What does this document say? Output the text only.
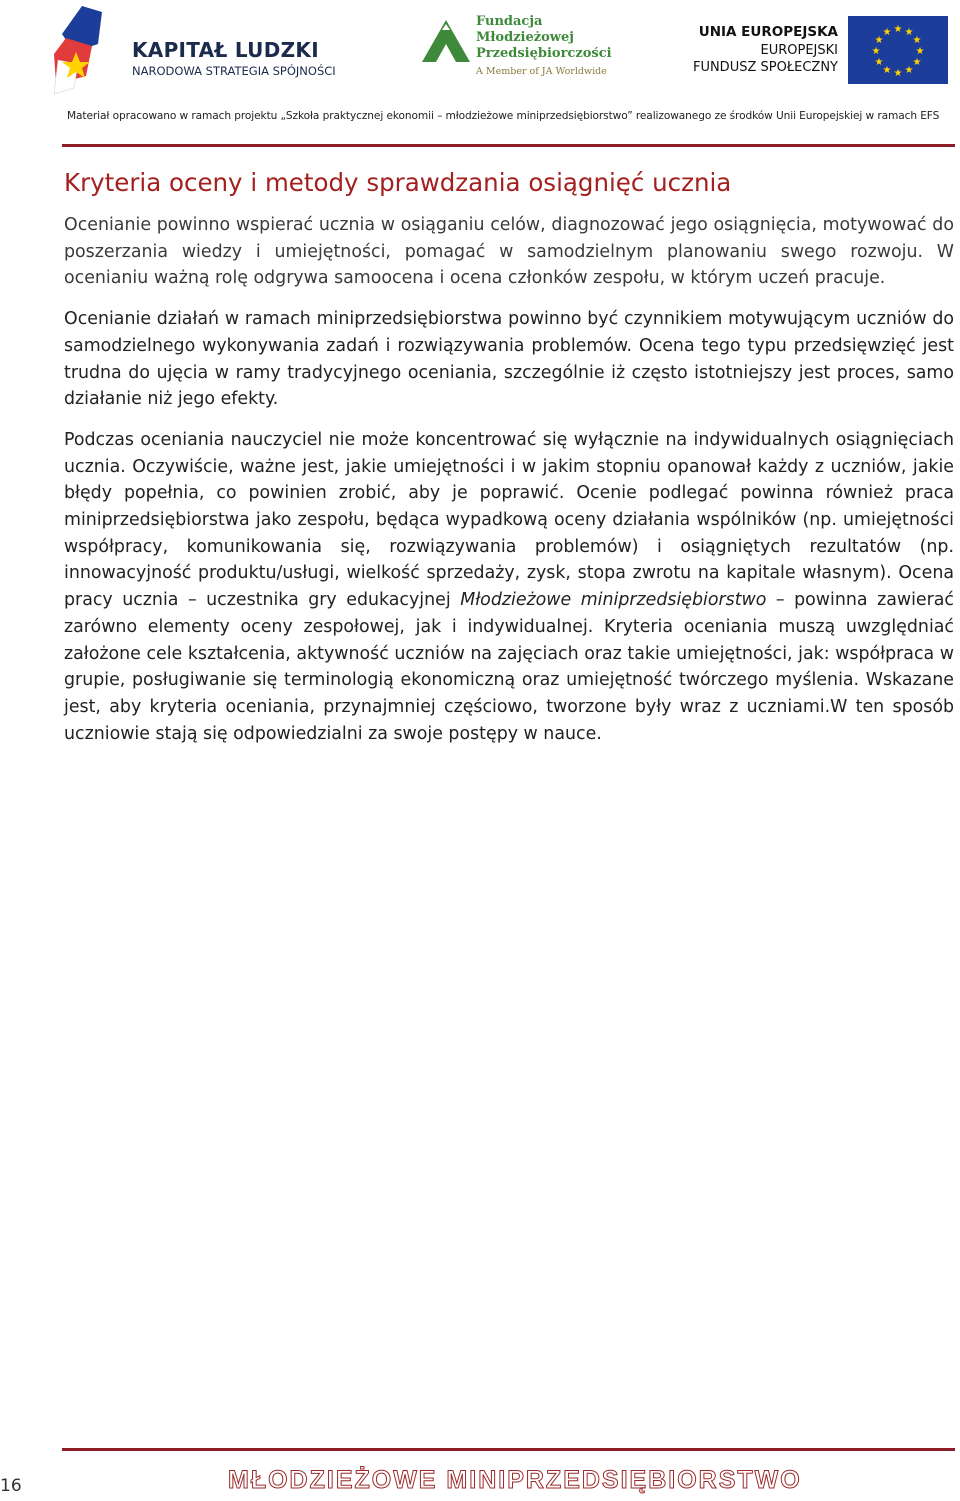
KAPITAŁ LUDZKI
NARODOWA STRATEGIA SPÓJNOŚCI
Fundacja
Młodzieżowej
Przedsiębiorczości
A Member of JA Worldwide
UNIA EUROPEJSKA
EUROPEJSKI
FUNDUSZ SPOŁECZNY
★ ★
★
★
★
★
★
★
★
★
★
★
Materiał opracowano w ramach projektu „Szkoła praktycznej ekonomii – młodzieżowe miniprzedsiębiorstwo” realizowanego ze środków Unii Europejskiej w ramach EFS
Kryteria oceny i metody sprawdzania osiągnięć ucznia

Ocenianie powinno wspierać ucznia w osiąganiu celów, diagnozować jego osiągnięcia, motywować do poszerzania wiedzy i umiejętności, pomagać w samodzielnym planowaniu swego rozwoju. W ocenianiu ważną rolę odgrywa samoocena i ocena członków zespołu, w którym uczeń pracuje.

Ocenianie działań w ramach miniprzedsiębiorstwa powinno być czynnikiem motywującym uczniów do samodzielnego wykonywania zadań i rozwiązywania problemów. Ocena tego typu przedsięwzięć jest trudna do ujęcia w ramy tradycyjnego oceniania, szczególnie iż często istotniejszy jest proces, samo działanie niż jego efekty.

Podczas oceniania nauczyciel nie może koncentrować się wyłącznie na indywidualnych osiągnięciach ucznia. Oczywiście, ważne jest, jakie umiejętności i w jakim stopniu opanował każdy z uczniów, jakie błędy popełnia, co powinien zrobić, aby je poprawić. Ocenie podlegać powinna również praca miniprzedsiębiorstwa jako zespołu, będąca wypadkową oceny działania wspólników (np. umiejętności współpracy, komunikowania się, rozwiązywania problemów) i osiągniętych rezultatów (np. innowacyjność produktu/usługi, wielkość sprzedaży, zysk, stopa zwrotu na kapitale własnym). Ocena pracy ucznia – uczestnika gry edukacyjnej Młodzieżowe miniprzedsiębiorstwo – powinna zawierać zarówno elementy oceny zespołowej, jak i indywidualnej. Kryteria oceniania muszą uwzględniać założone cele kształcenia, aktywność uczniów na zajęciach oraz takie umiejętności, jak: współpraca w grupie, posługiwanie się terminologią ekonomiczną oraz umiejętność twórczego myślenia. Wskazane jest, aby kryteria oceniania, przynajmniej częściowo, tworzone były wraz z uczniami.W ten sposób uczniowie stają się odpowiedzialni za swoje postępy w nauce.

16	MŁODZIEŻOWE MINIPRZEDSIĘBIORSTWO
